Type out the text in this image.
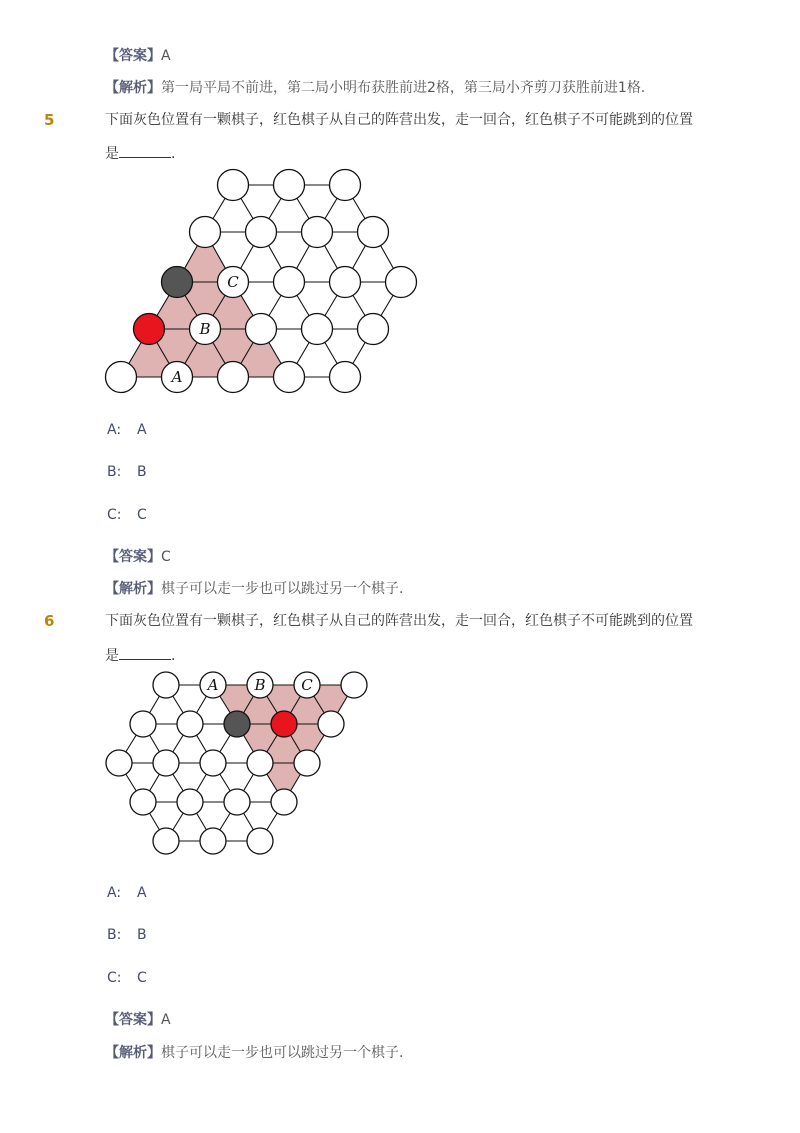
【答案】A
【解析】第一局平局不前进，第二局小明布获胜前进2格，第三局小齐剪刀获胜前进1格.
5	下面灰色位置有一颗棋子，红色棋子从自己的阵营出发，走一回合，红色棋子不可能跳到的位置
是	.
C
B
A
A: A
B: B
C: C
【答案】C
【解析】棋子可以走一步也可以跳过另一个棋子.
6	下面灰色位置有一颗棋子，红色棋子从自己的阵营出发，走一回合，红色棋子不可能跳到的位置
是	.
A B C
A: A
B: B
C: C
【答案】A
【解析】棋子可以走一步也可以跳过另一个棋子.
